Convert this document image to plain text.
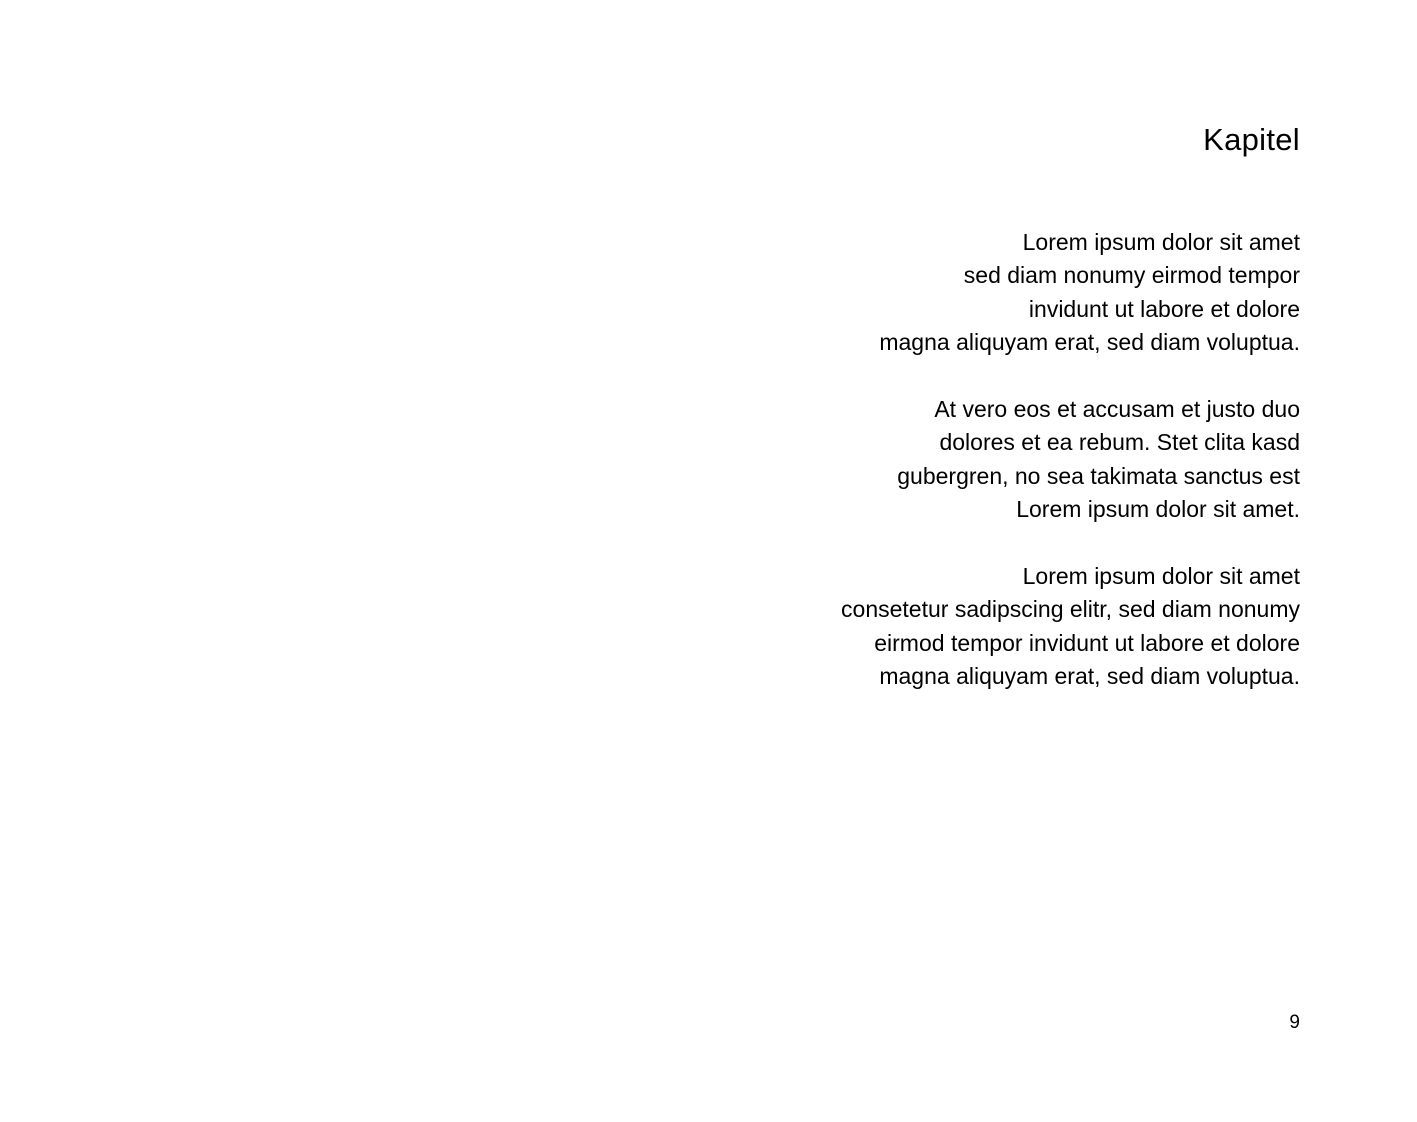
Kapitel

Lorem ipsum dolor sit amet
sed diam nonumy eirmod tempor
invidunt ut labore et dolore
magna aliquyam erat, sed diam voluptua.

At vero eos et accusam et justo duo
dolores et ea rebum. Stet clita kasd
gubergren, no sea takimata sanctus est
Lorem ipsum dolor sit amet.

Lorem ipsum dolor sit amet
consetetur sadipscing elitr, sed diam nonumy
eirmod tempor invidunt ut labore et dolore
magna aliquyam erat, sed diam voluptua.

9
